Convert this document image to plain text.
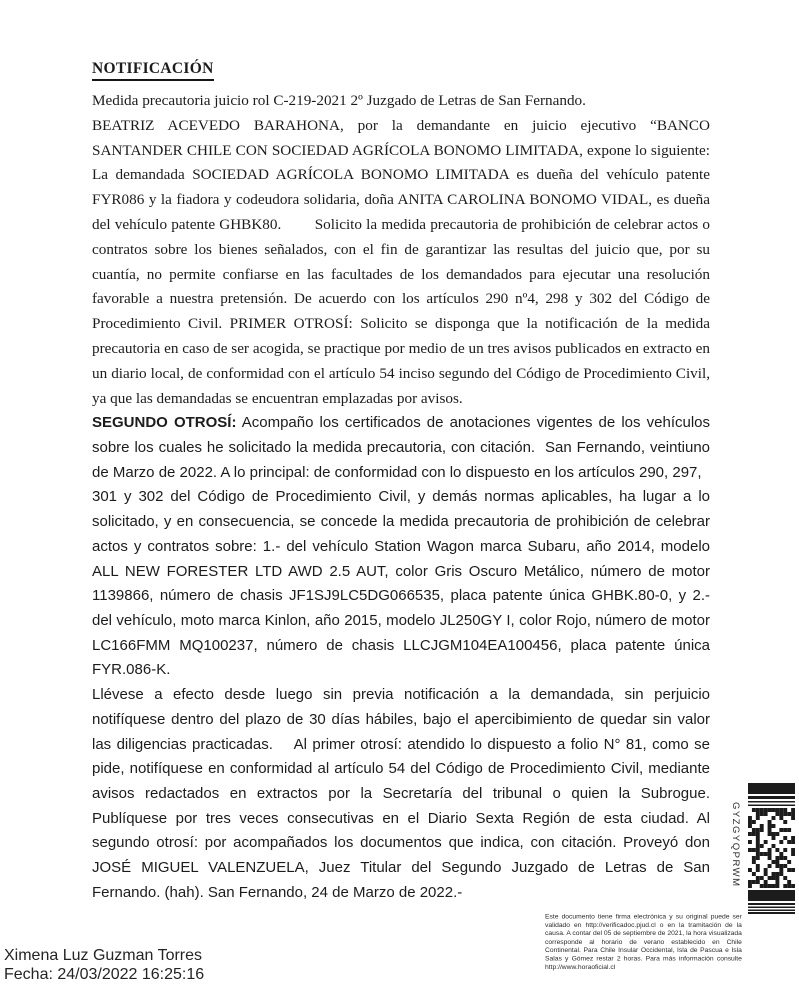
NOTIFICACIÓN

Medida precautoria juicio rol C-219-2021 2º Juzgado de Letras de San Fernando.

BEATRIZ ACEVEDO BARAHONA, por la demandante en juicio ejecutivo “BANCO SANTANDER CHILE CON SOCIEDAD AGRÍCOLA BONOMO LIMITADA, expone lo siguiente: La demandada SOCIEDAD AGRÍCOLA BONOMO LIMITADA es dueña del vehículo patente FYR086 y la fiadora y codeudora solidaria, doña ANITA CAROLINA BONOMO VIDAL, es dueña del vehículo patente GHBK80.        Solicito la medida precautoria de prohibición de celebrar actos o contratos sobre los bienes señalados, con el fin de garantizar las resultas del juicio que, por su cuantía, no permite confiarse en las facultades de los demandados para ejecutar una resolución favorable a nuestra pretensión. De acuerdo con los artículos 290 nº4, 298 y 302 del Código de Procedimiento Civil. PRIMER OTROSÍ: Solicito se disponga que la notificación de la medida precautoria en caso de ser acogida, se practique por medio de un tres avisos publicados en extracto en un diario local, de conformidad con el artículo 54 inciso segundo del Código de Procedimiento Civil, ya que las demandadas se encuentran emplazadas por avisos.

SEGUNDO OTROSÍ: Acompaño los certificados de anotaciones vigentes de los vehículos sobre los cuales he solicitado la medida precautoria, con citación.  San Fernando, veintiuno de Marzo de 2022. A lo principal: de conformidad con lo dispuesto en los artículos 290, 297,
301 y 302 del Código de Procedimiento Civil, y demás normas aplicables, ha lugar a lo solicitado, y en consecuencia, se concede la medida precautoria de prohibición de celebrar actos y contratos sobre: 1.- del vehículo Station Wagon marca Subaru, año 2014, modelo ALL NEW FORESTER LTD AWD 2.5 AUT, color Gris Oscuro Metálico, número de motor 1139866, número de chasis JF1SJ9LC5DG066535, placa patente única GHBK.80-0, y 2.- del vehículo, moto marca Kinlon, año 2015, modelo JL250GY I, color Rojo, número de motor LC166FMM MQ100237, número de chasis LLCJGM104EA100456, placa patente única FYR.086-K.

Llévese a efecto desde luego sin previa notificación a la demandada, sin perjuicio notifíquese dentro del plazo de 30 días hábiles, bajo el apercibimiento de quedar sin valor las diligencias practicadas.    Al primer otrosí: atendido lo dispuesto a folio N° 81, como se pide, notifíquese en conformidad al artículo 54 del Código de Procedimiento Civil, mediante avisos redactados en extractos por la Secretaría del tribunal o quien la Subrogue. Publíquese por tres veces consecutivas en el Diario Sexta Región de esta ciudad. Al segundo otrosí: por acompañados los documentos que indica, con citación. Proveyó don JOSÉ MIGUEL VALENZUELA, Juez Titular del Segundo Juzgado de Letras de San Fernando. (hah). San Fernando, 24 de Marzo de 2022.-

GYZGYQPRWM
Este documento tiene firma electrónica y su original puede ser validado en http://verificadoc.pjud.cl o en la tramitación de la causa. A contar del 05 de septiembre de 2021, la hora visualizada corresponde al horario de verano establecido en Chile Continental. Para Chile Insular Occidental, Isla de Pascua e Isla Salas y Gómez restar 2 horas. Para más información consulte http://www.horaoficial.cl
Ximena Luz Guzman Torres
Fecha: 24/03/2022 16:25:16
